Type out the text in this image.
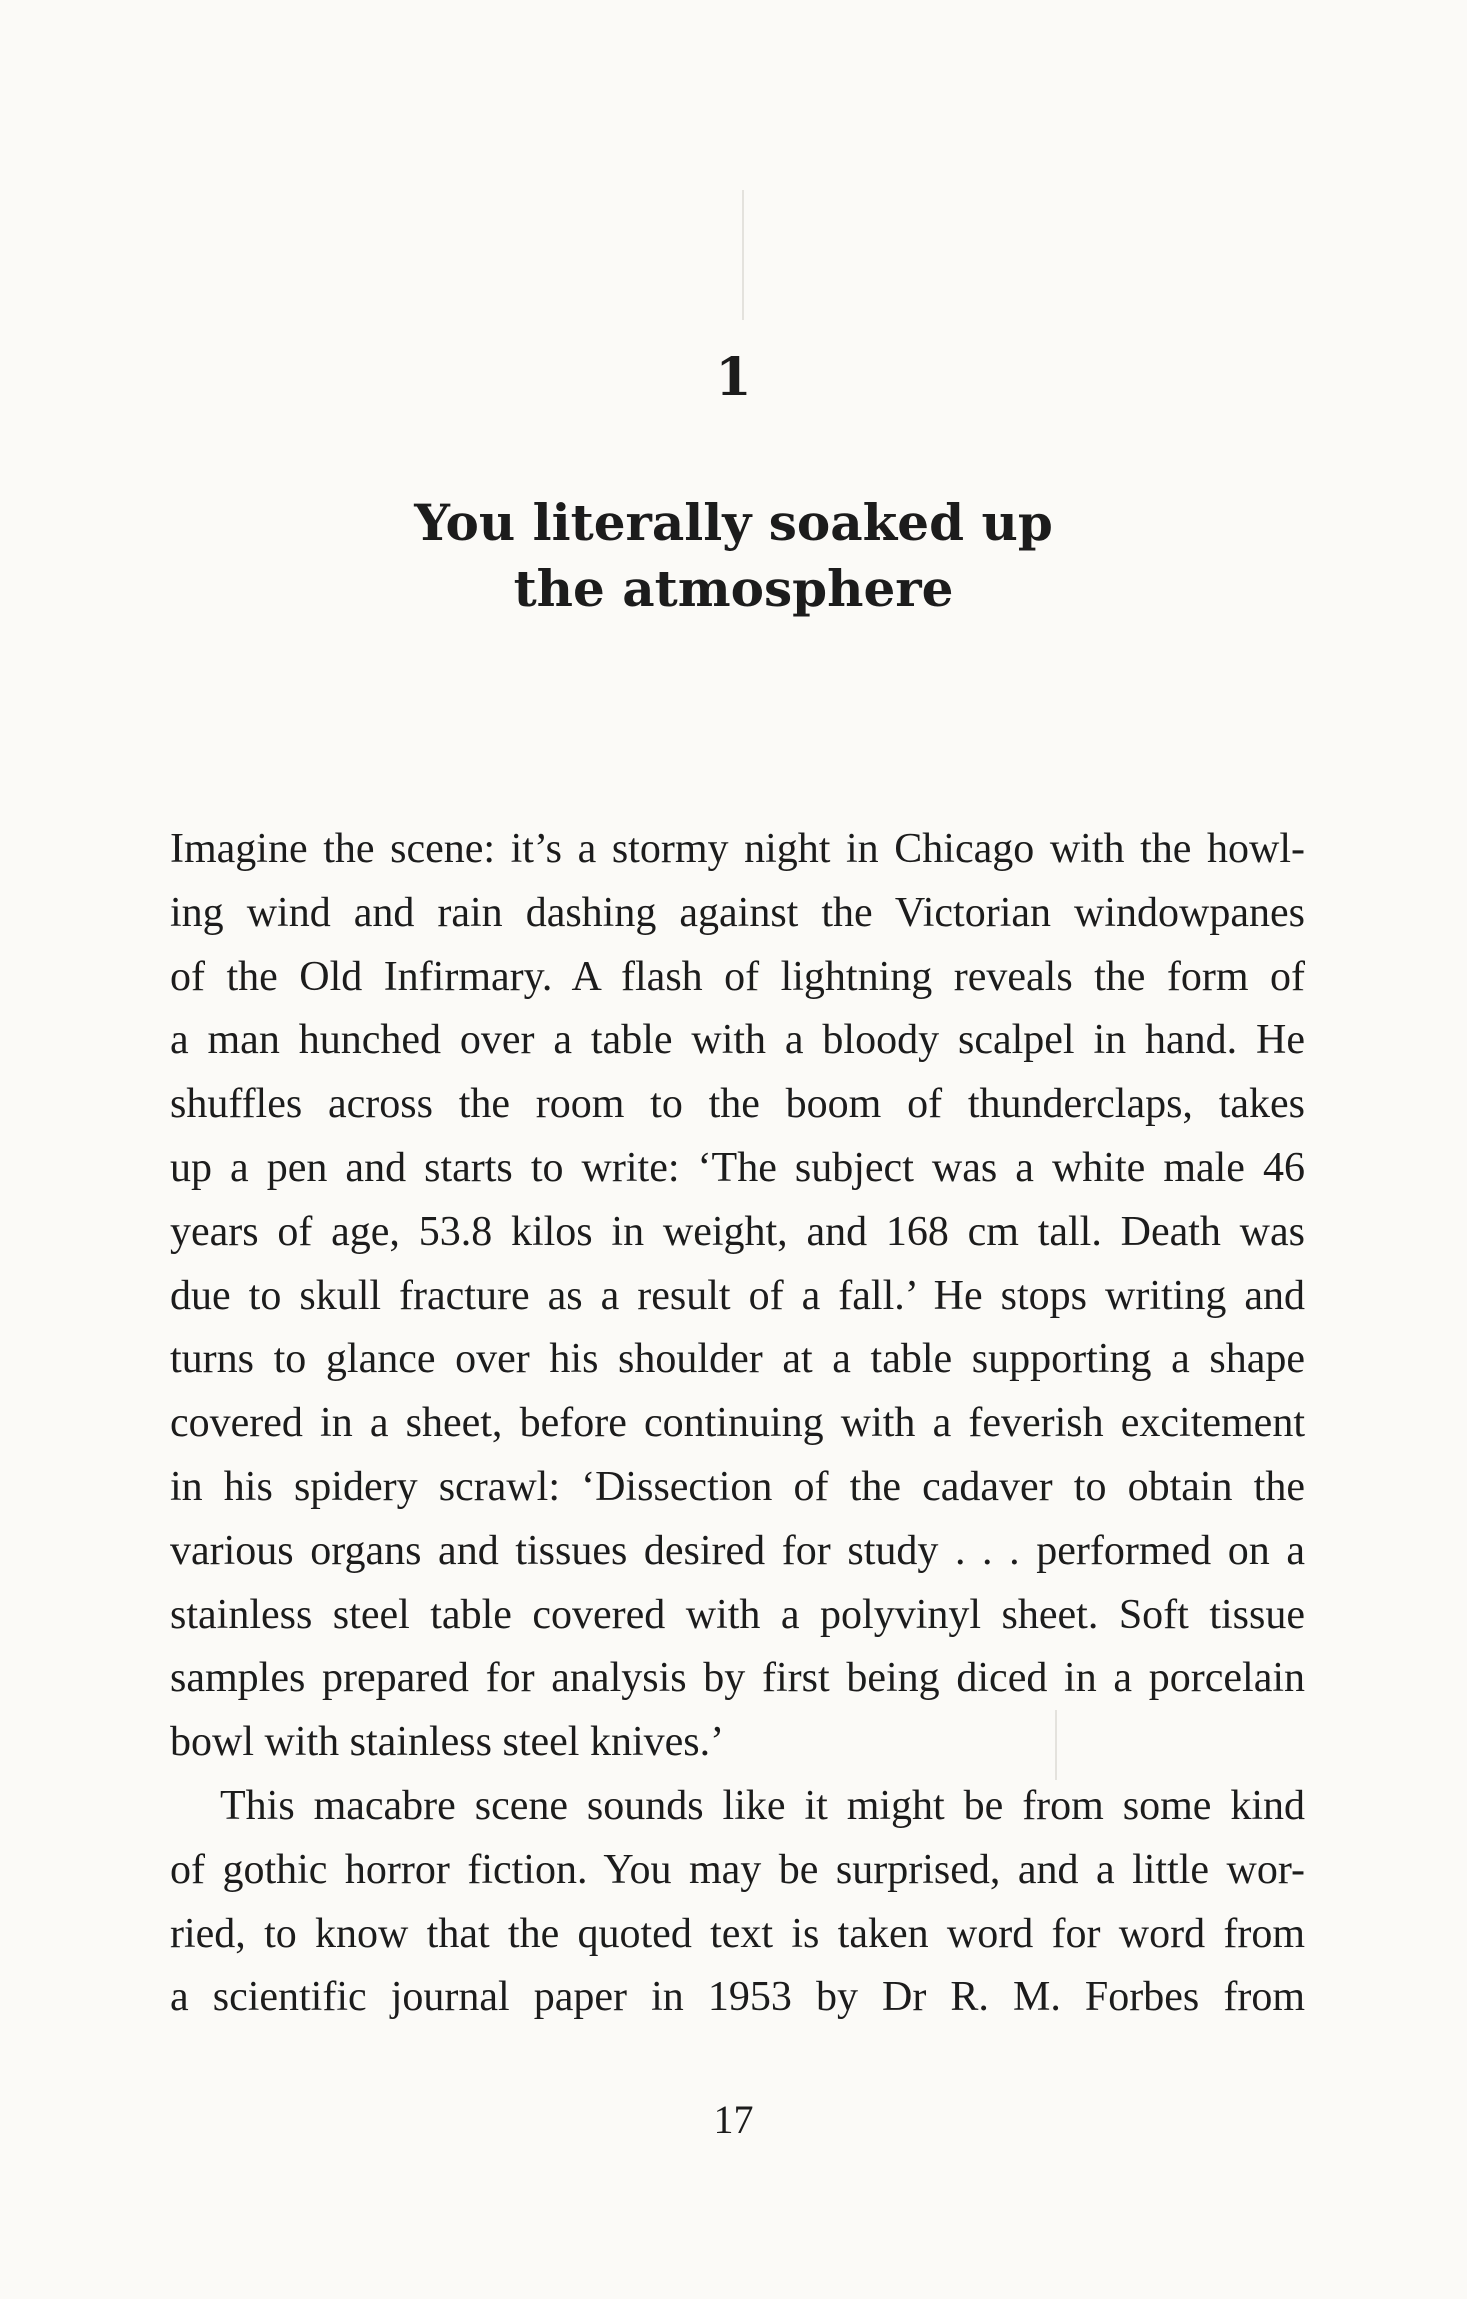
1
You literally soaked up
the atmosphere
Imagine the scene: it’s a stormy night in Chicago with the howl-
ing wind and rain dashing against the Victorian windowpanes
of the Old Infirmary. A flash of lightning reveals the form of
a man hunched over a table with a bloody scalpel in hand. He
shuffles across the room to the boom of thunderclaps, takes
up a pen and starts to write: ‘The subject was a white male 46
years of age, 53.8 kilos in weight, and 168 cm tall. Death was
due to skull fracture as a result of a fall.’ He stops writing and
turns to glance over his shoulder at a table supporting a shape
covered in a sheet, before continuing with a feverish excitement
in his spidery scrawl: ‘Dissection of the cadaver to obtain the
various organs and tissues desired for study . . . performed on a
stainless steel table covered with a polyvinyl sheet. Soft tissue
samples prepared for analysis by first being diced in a porcelain
bowl with stainless steel knives.’
This macabre scene sounds like it might be from some kind
of gothic horror fiction. You may be surprised, and a little wor-
ried, to know that the quoted text is taken word for word from
a scientific journal paper in 1953 by Dr R. M. Forbes from
17
